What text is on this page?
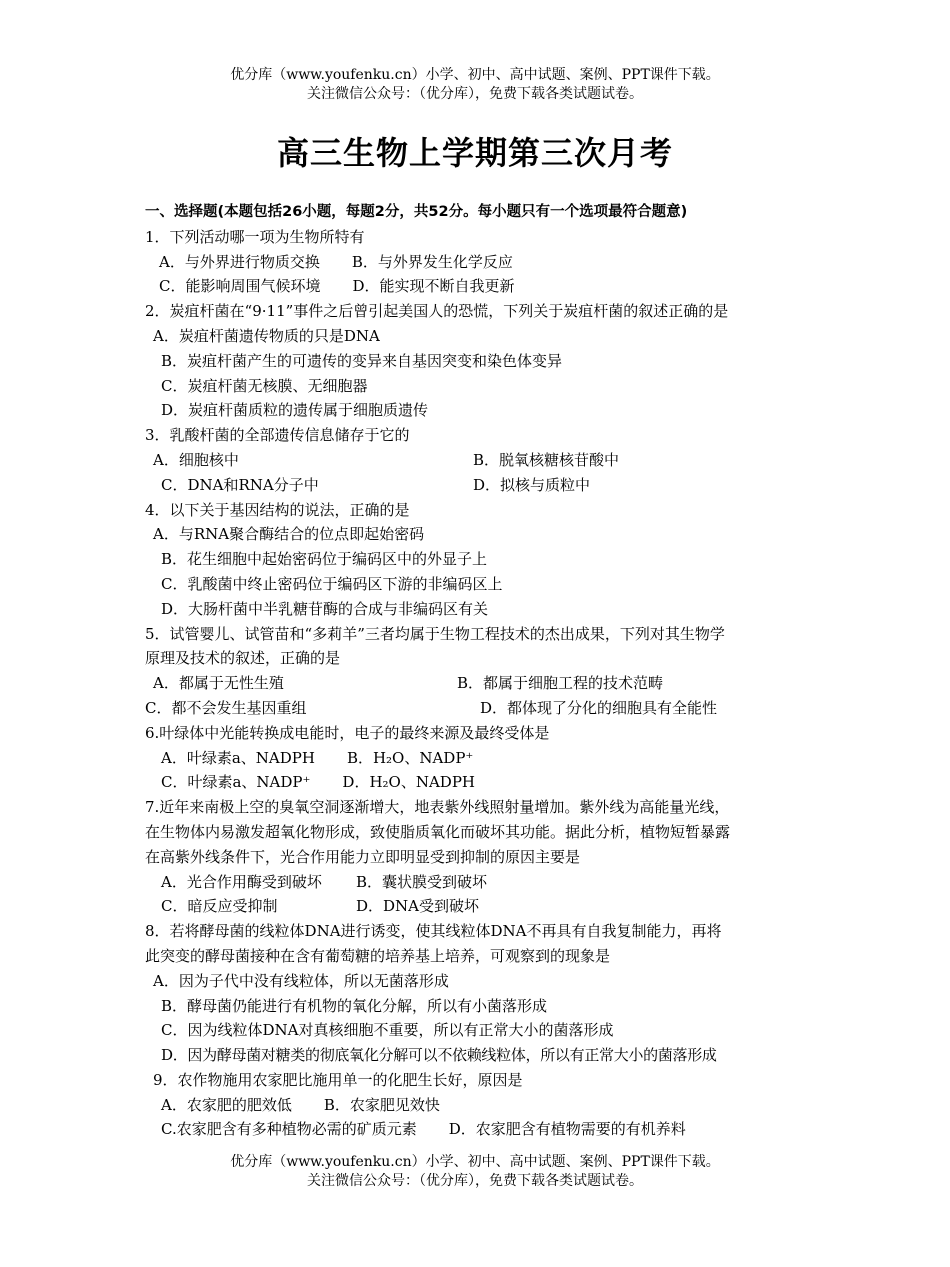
优分库（www.youfenku.cn）小学、初中、高中试题、案例、PPT课件下载。
关注微信公众号：（优分库），免费下载各类试题试卷。
高三生物上学期第三次月考
一、选择题(本题包括26小题，每题2分，共52分。每小题只有一个选项最符合题意)
1．下列活动哪一项为生物所特有
A．与外界进行物质交换 B．与外界发生化学反应
C．能影响周围气候环境 D．能实现不断自我更新
2．炭疽杆菌在“9·11”事件之后曾引起美国人的恐慌，下列关于炭疽杆菌的叙述正确的是
A．炭疽杆菌遗传物质的只是DNA
B．炭疽杆菌产生的可遗传的变异来自基因突变和染色体变异
C．炭疽杆菌无核膜、无细胞器
D．炭疽杆菌质粒的遗传属于细胞质遗传
3．乳酸杆菌的全部遗传信息储存于它的
A．细胞核中	B．脱氧核糖核苷酸中
C．DNA和RNA分子中	D．拟核与质粒中
4．以下关于基因结构的说法，正确的是
A．与RNA聚合酶结合的位点即起始密码
B．花生细胞中起始密码位于编码区中的外显子上
C．乳酸菌中终止密码位于编码区下游的非编码区上
D．大肠杆菌中半乳糖苷酶的合成与非编码区有关
5．试管婴儿、试管苗和“多莉羊”三者均属于生物工程技术的杰出成果，下列对其生物学
原理及技术的叙述，正确的是
A．都属于无性生殖	B．都属于细胞工程的技术范畴
C．都不会发生基因重组	D．都体现了分化的细胞具有全能性
6.叶绿体中光能转换成电能时，电子的最终来源及最终受体是
A．叶绿素a、NADPH B．H₂O、NADP⁺
C．叶绿素a、NADP⁺ D．H₂O、NADPH
7.近年来南极上空的臭氧空洞逐渐增大，地表紫外线照射量增加。紫外线为高能量光线，
在生物体内易激发超氧化物形成，致使脂质氧化而破坏其功能。据此分析，植物短暂暴露
在高紫外线条件下，光合作用能力立即明显受到抑制的原因主要是
A．光合作用酶受到破坏	B．囊状膜受到破坏
C．暗反应受抑制	D．DNA受到破坏
8．若将酵母菌的线粒体DNA进行诱变，使其线粒体DNA不再具有自我复制能力，再将
此突变的酵母菌接种在含有葡萄糖的培养基上培养，可观察到的现象是
A．因为子代中没有线粒体，所以无菌落形成
B．酵母菌仍能进行有机物的氧化分解，所以有小菌落形成
C．因为线粒体DNA对真核细胞不重要，所以有正常大小的菌落形成
D．因为酵母菌对糖类的彻底氧化分解可以不依赖线粒体，所以有正常大小的菌落形成
9．农作物施用农家肥比施用单一的化肥生长好，原因是
A．农家肥的肥效低 B．农家肥见效快
C.农家肥含有多种植物必需的矿质元素 D．农家肥含有植物需要的有机养料
优分库（www.youfenku.cn）小学、初中、高中试题、案例、PPT课件下载。
关注微信公众号：（优分库），免费下载各类试题试卷。
